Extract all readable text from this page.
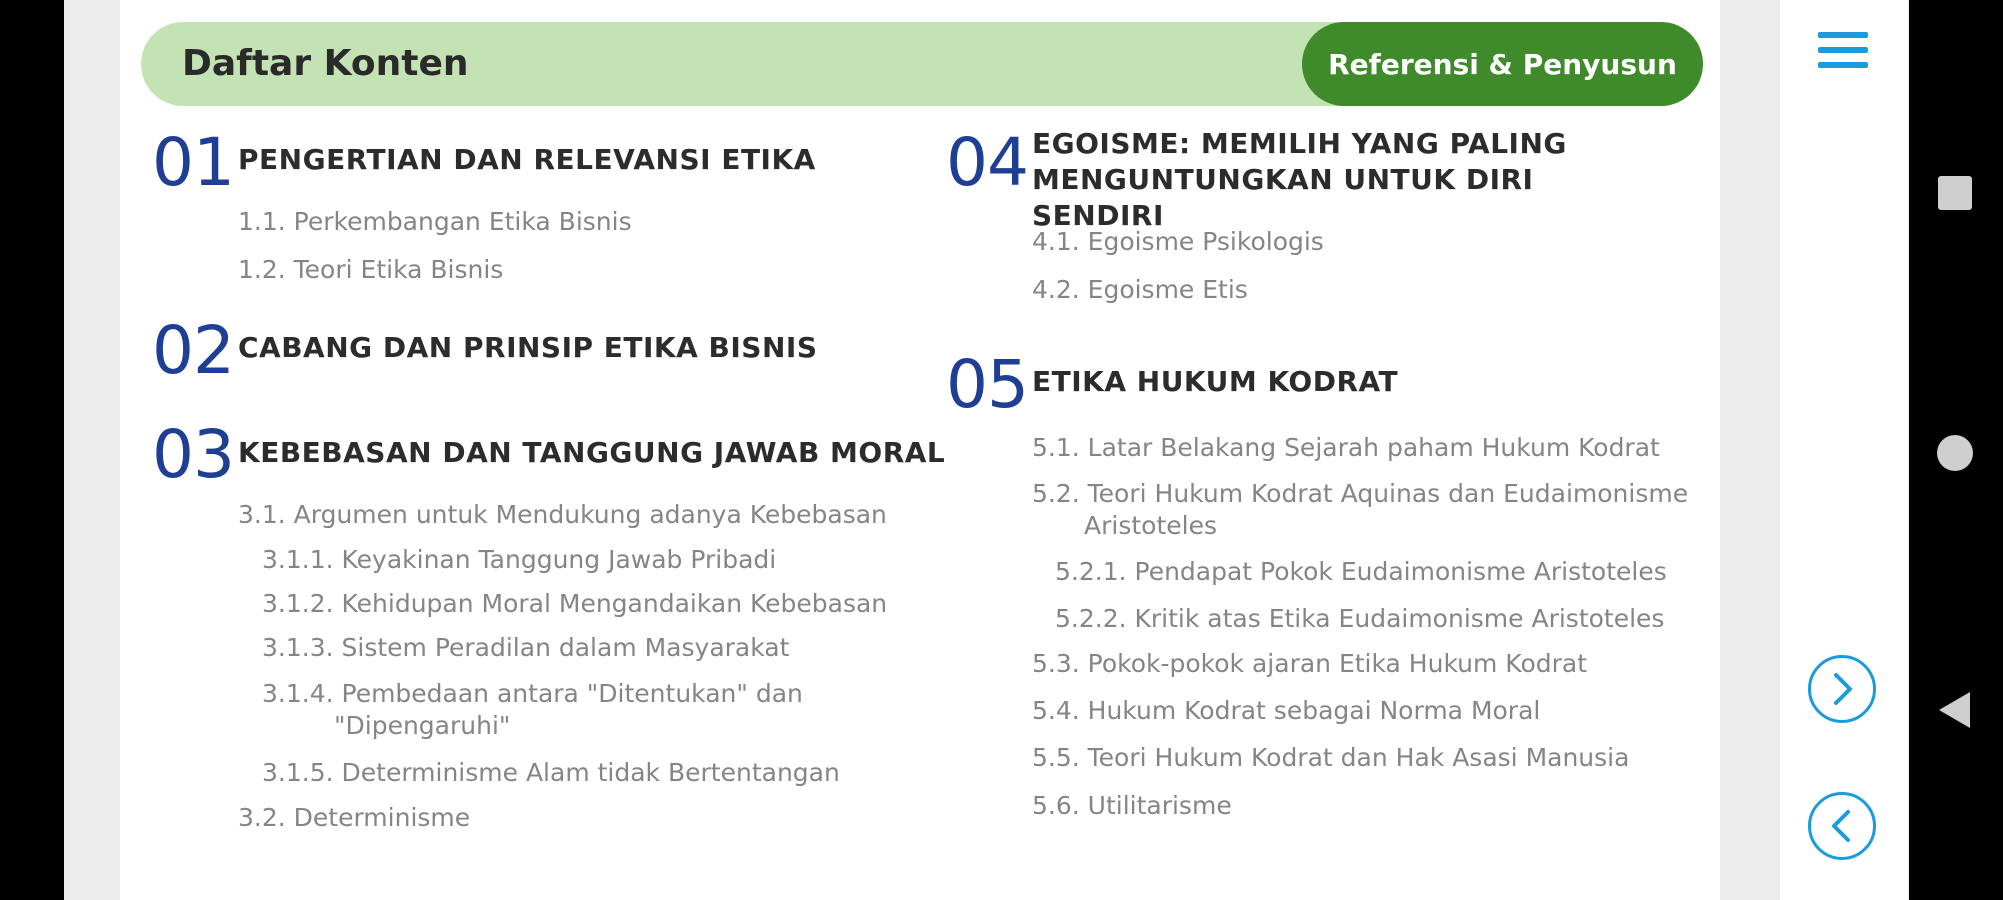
Daftar Konten	Referensi & Penyusun
01 PENGERTIAN DAN RELEVANSI ETIKA
1.1. Perkembangan Etika Bisnis
1.2. Teori Etika Bisnis
02 CABANG DAN PRINSIP ETIKA BISNIS
03 KEBEBASAN DAN TANGGUNG JAWAB MORAL
3.1. Argumen untuk Mendukung adanya Kebebasan
3.1.1. Keyakinan Tanggung Jawab Pribadi
3.1.2. Kehidupan Moral Mengandaikan Kebebasan
3.1.3. Sistem Peradilan dalam Masyarakat
3.1.4. Pembedaan antara "Ditentukan" dan "Dipengaruhi"
3.1.5. Determinisme Alam tidak Bertentangan
3.2. Determinisme
04 EGOISME: MEMILIH YANG PALING MENGUNTUNGKAN UNTUK DIRI SENDIRI
4.1. Egoisme Psikologis
4.2. Egoisme Etis
05 ETIKA HUKUM KODRAT
5.1. Latar Belakang Sejarah paham Hukum Kodrat
5.2. Teori Hukum Kodrat Aquinas dan Eudaimonisme Aristoteles
5.2.1. Pendapat Pokok Eudaimonisme Aristoteles
5.2.2. Kritik atas Etika Eudaimonisme Aristoteles
5.3. Pokok-pokok ajaran Etika Hukum Kodrat
5.4. Hukum Kodrat sebagai Norma Moral
5.5. Teori Hukum Kodrat dan Hak Asasi Manusia
5.6. Utilitarisme
